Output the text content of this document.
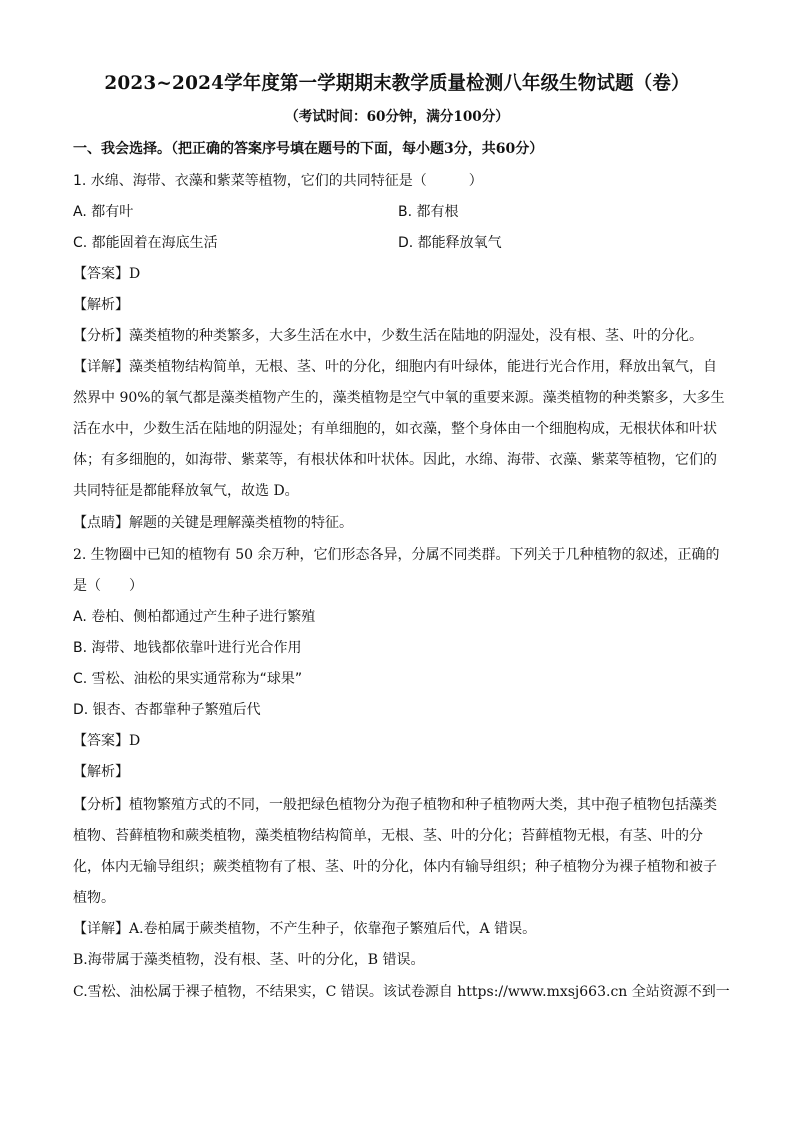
2023~2024学年度第一学期期末教学质量检测八年级生物试题（卷）
（考试时间：60分钟，满分100分）
一、我会选择。（把正确的答案序号填在题号的下面，每小题3分，共60分）
1. 水绵、海带、衣藻和紫菜等植物，它们的共同特征是（　　　）
A. 都有叶	B. 都有根
C. 都能固着在海底生活	D. 都能释放氧气
【答案】D
【解析】
【分析】藻类植物的种类繁多，大多生活在水中，少数生活在陆地的阴湿处，没有根、茎、叶的分化。
【详解】藻类植物结构简单，无根、茎、叶的分化，细胞内有叶绿体，能进行光合作用，释放出氧气，自
然界中 90%的氧气都是藻类植物产生的，藻类植物是空气中氧的重要来源。藻类植物的种类繁多，大多生
活在水中，少数生活在陆地的阴湿处；有单细胞的，如衣藻，整个身体由一个细胞构成，无根状体和叶状
体；有多细胞的，如海带、紫菜等，有根状体和叶状体。因此，水绵、海带、衣藻、紫菜等植物，它们的
共同特征是都能释放氧气，故选 D。
【点睛】解题的关键是理解藻类植物的特征。
2. 生物圈中已知的植物有 50 余万种，它们形态各异，分属不同类群。下列关于几种植物的叙述，正确的
是（　　）
A. 卷柏、侧柏都通过产生种子进行繁殖
B. 海带、地钱都依靠叶进行光合作用
C. 雪松、油松的果实通常称为“球果”
D. 银杏、杏都靠种子繁殖后代
【答案】D
【解析】
【分析】植物繁殖方式的不同，一般把绿色植物分为孢子植物和种子植物两大类，其中孢子植物包括藻类
植物、苔藓植物和蕨类植物，藻类植物结构简单，无根、茎、叶的分化；苔藓植物无根，有茎、叶的分
化，体内无输导组织；蕨类植物有了根、茎、叶的分化，体内有输导组织；种子植物分为裸子植物和被子
植物。
【详解】A.卷柏属于蕨类植物，不产生种子，依靠孢子繁殖后代，A 错误。
B.海带属于藻类植物，没有根、茎、叶的分化，B 错误。
C.雪松、油松属于裸子植物，不结果实，C 错误。该试卷源自 https://www.mxsj663.cn 全站资源不到一
